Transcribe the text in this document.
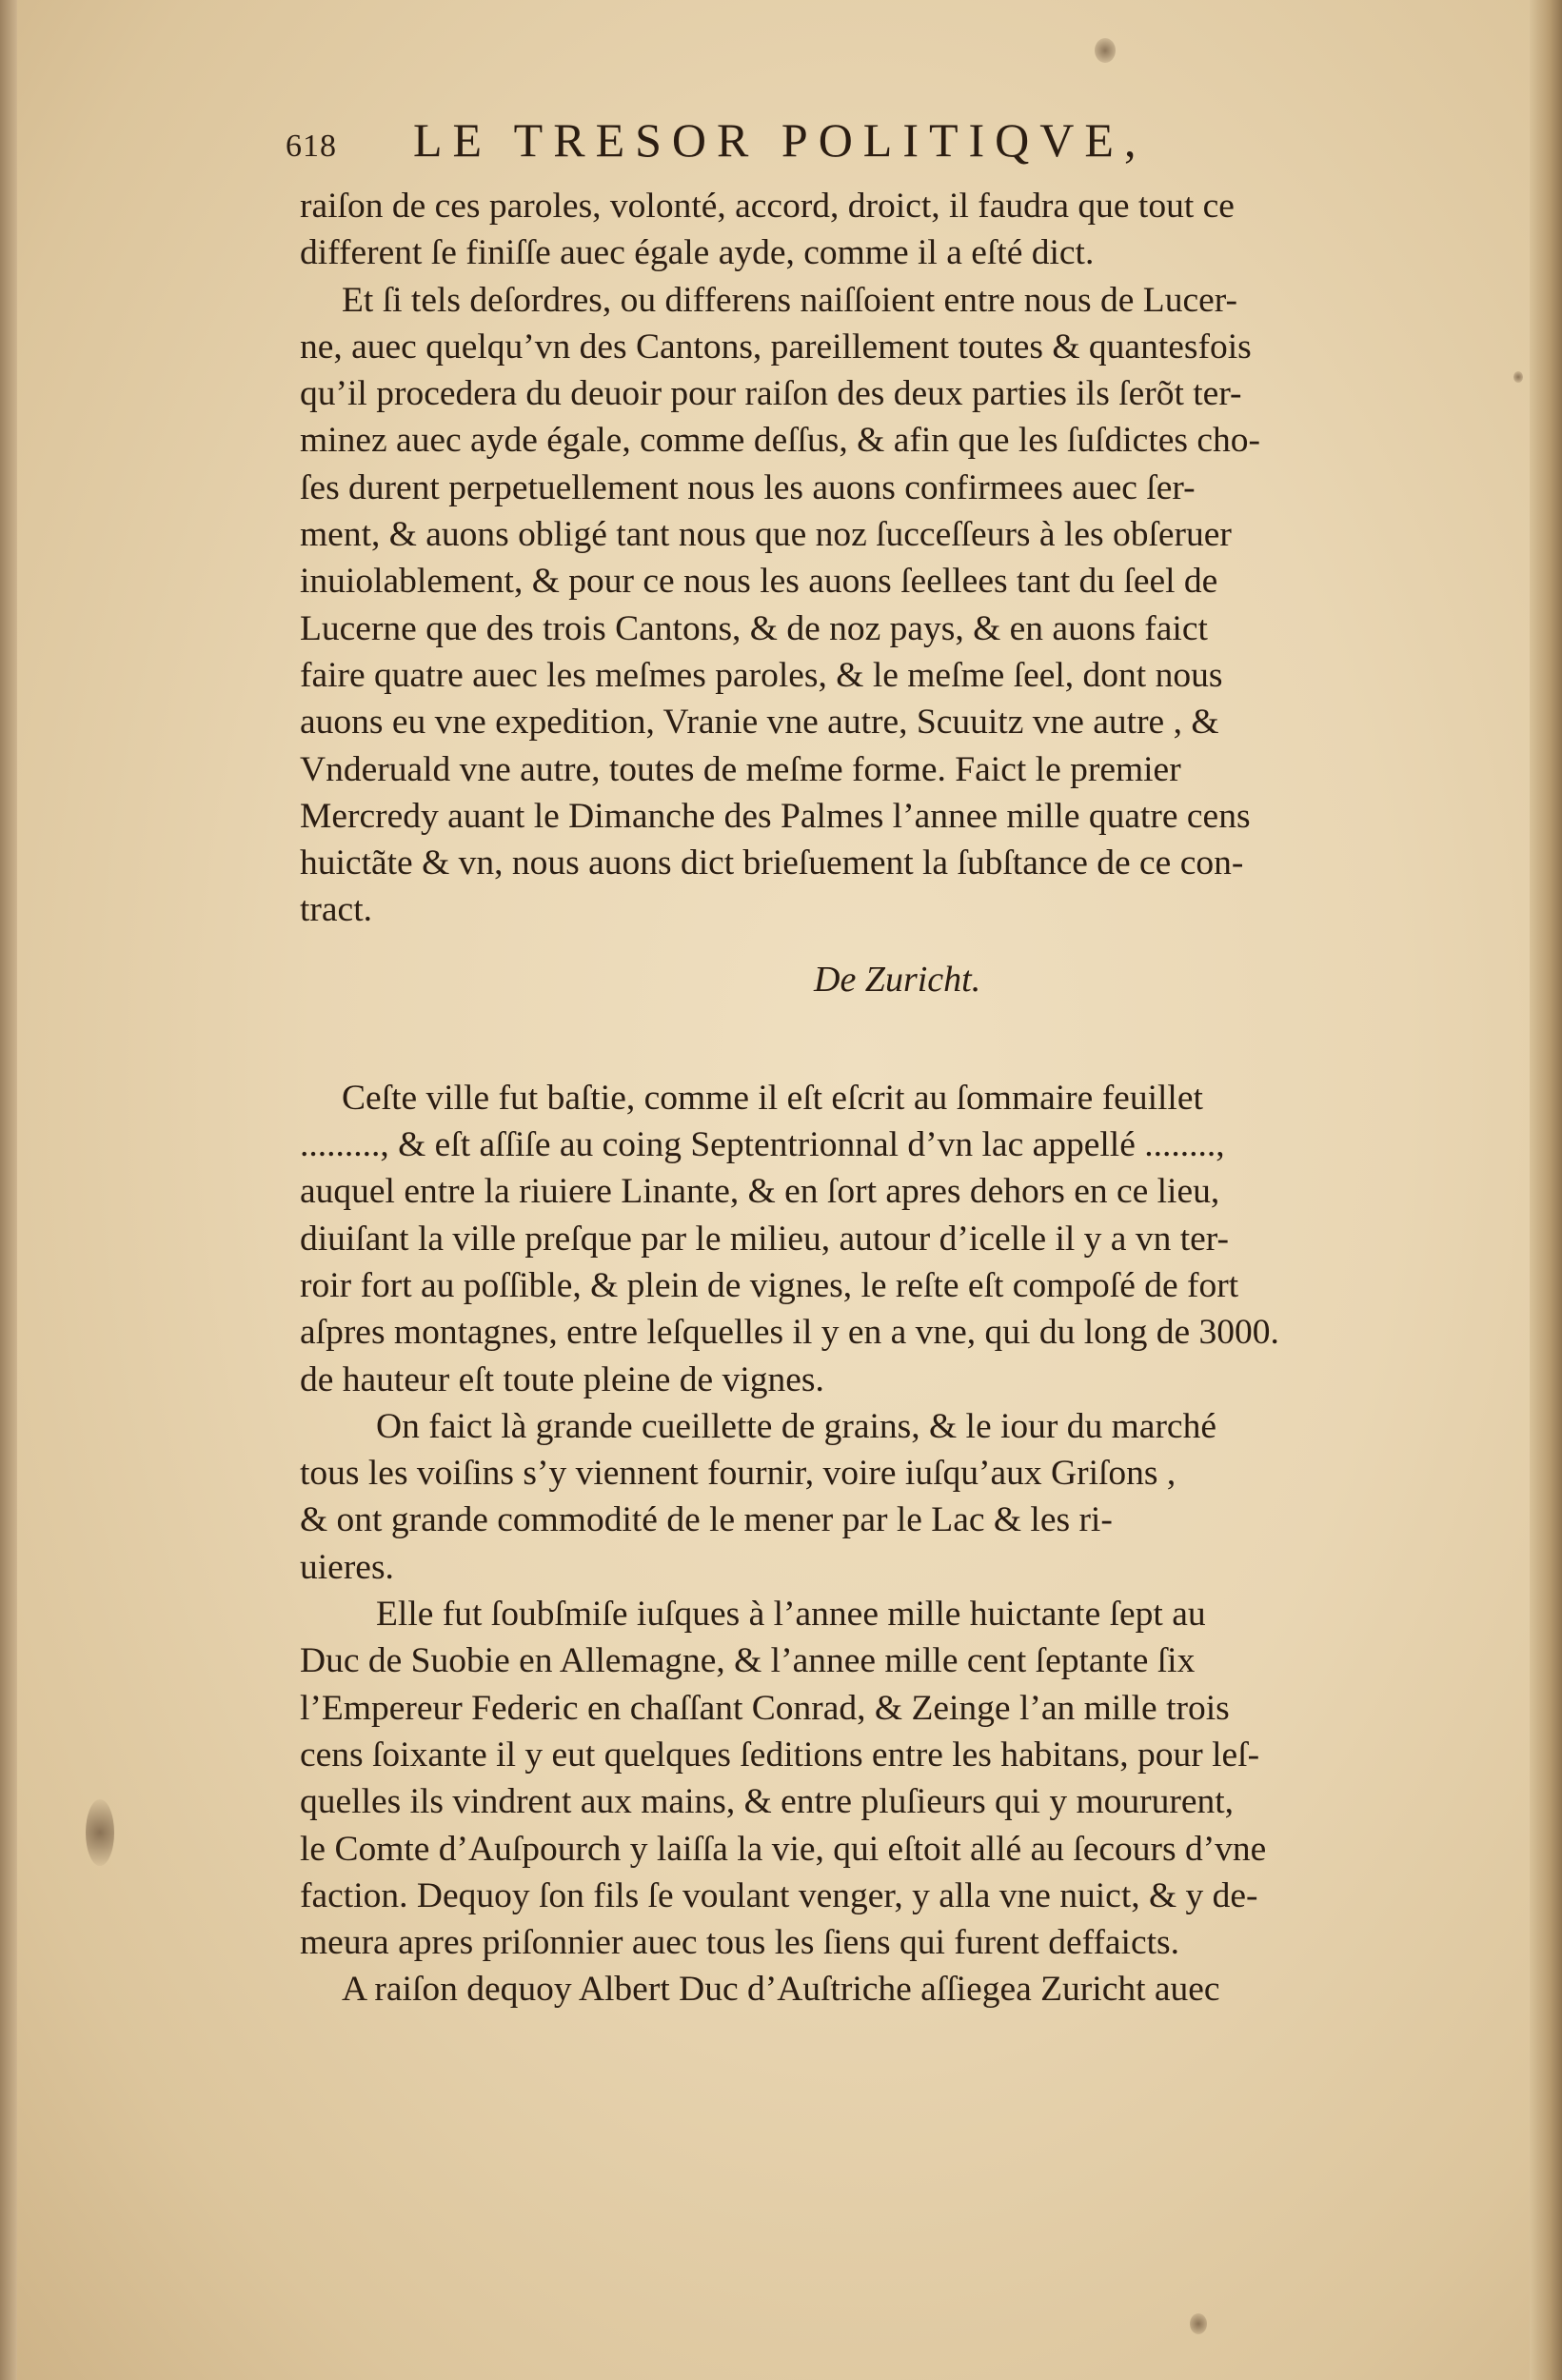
618 LE TRESOR POLITIQVE,
raiſon de ces paroles, volonté, accord, droict, il faudra que tout ce
different ſe finiſſe auec égale ayde, comme il a eſté dict.
Et ſi tels deſordres, ou differens naiſſoient entre nous de Lucer-
ne, auec quelqu’vn des Cantons, pareillement toutes & quantesfois
qu’il procedera du deuoir pour raiſon des deux parties ils ſerõt ter-
minez auec ayde égale, comme deſſus, & afin que les ſuſdictes cho-
ſes durent perpetuellement nous les auons confirmees auec ſer-
ment, & auons obligé tant nous que noz ſucceſſeurs à les obſeruer
inuiolablement, & pour ce nous les auons ſeellees tant du ſeel de
Lucerne que des trois Cantons, & de noz pays, & en auons faict
faire quatre auec les meſmes paroles, & le meſme ſeel, dont nous
auons eu vne expedition, Vranie vne autre, Scuuitz vne autre , &
Vnderuald vne autre, toutes de meſme forme. Faict le premier
Mercredy auant le Dimanche des Palmes l’annee mille quatre cens
huictãte & vn, nous auons dict brieſuement la ſubſtance de ce con-
tract.
De Zuricht.
Ceſte ville fut baſtie, comme il eſt eſcrit au ſommaire feuillet
........., & eſt aſſiſe au coing Septentrionnal d’vn lac appellé ........,
auquel entre la riuiere Linante, & en ſort apres dehors en ce lieu,
diuiſant la ville preſque par le milieu, autour d’icelle il y a vn ter-
roir fort au poſſible, & plein de vignes, le reſte eſt compoſé de fort
aſpres montagnes, entre leſquelles il y en a vne, qui du long de 3000.
de hauteur eſt toute pleine de vignes.
On faict là grande cueillette de grains, & le iour du marché
tous les voiſins s’y viennent fournir, voire iuſqu’aux Griſons ,
& ont grande commodité de le mener par le Lac & les ri-
uieres.
Elle fut ſoubſmiſe iuſques à l’annee mille huictante ſept au
Duc de Suobie en Allemagne, & l’annee mille cent ſeptante ſix
l’Empereur Federic en chaſſant Conrad, & Zeinge l’an mille trois
cens ſoixante il y eut quelques ſeditions entre les habitans, pour leſ-
quelles ils vindrent aux mains, & entre pluſieurs qui y moururent,
le Comte d’Auſpourch y laiſſa la vie, qui eſtoit allé au ſecours d’vne
faction. Dequoy ſon fils ſe voulant venger, y alla vne nuict, & y de-
meura apres priſonnier auec tous les ſiens qui furent deffaicts.
A raiſon dequoy Albert Duc d’Auſtriche aſſiegea Zuricht auec
